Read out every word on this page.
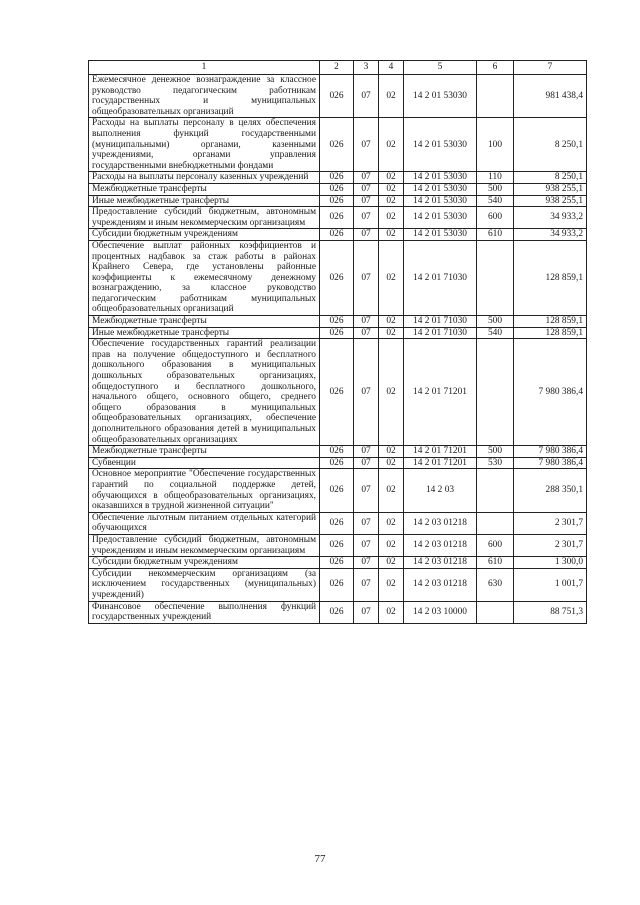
1	2	3	4	5	6	7
Ежемесячное денежное вознаграждение за классное руководство педагогическим работникам государственных и муниципальных общеобразовательных организаций	026	07	02	14 2 01 53030		981 438,4
Расходы на выплаты персоналу в целях обеспечения выполнения функций государственными (муниципальными) органами, казенными учреждениями, органами управления государственными внебюджетными фондами	026	07	02	14 2 01 53030	100	8 250,1
Расходы на выплаты персоналу казенных учреждений	026	07	02	14 2 01 53030	110	8 250,1
Межбюджетные трансферты	026	07	02	14 2 01 53030	500	938 255,1
Иные межбюджетные трансферты	026	07	02	14 2 01 53030	540	938 255,1
Предоставление субсидий бюджетным, автономным учреждениям и иным некоммерческим организациям	026	07	02	14 2 01 53030	600	34 933,2
Субсидии бюджетным учреждениям	026	07	02	14 2 01 53030	610	34 933,2
Обеспечение выплат районных коэффициентов и процентных надбавок за стаж работы в районах Крайнего Севера, где установлены районные коэффициенты к ежемесячному денежному вознаграждению, за классное руководство педагогическим работникам муниципальных общеобразовательных организаций	026	07	02	14 2 01 71030		128 859,1
Межбюджетные трансферты	026	07	02	14 2 01 71030	500	128 859,1
Иные межбюджетные трансферты	026	07	02	14 2 01 71030	540	128 859,1
Обеспечение государственных гарантий реализации прав на получение общедоступного и бесплатного дошкольного образования в муниципальных дошкольных образовательных организациях, общедоступного и бесплатного дошкольного, начального общего, основного общего, среднего общего образования в муниципальных общеобразовательных организациях, обеспечение дополнительного образования детей в муниципальных общеобразовательных организациях	026	07	02	14 2 01 71201		7 980 386,4
Межбюджетные трансферты	026	07	02	14 2 01 71201	500	7 980 386,4
Субвенции	026	07	02	14 2 01 71201	530	7 980 386,4
Основное мероприятие "Обеспечение государственных гарантий по социальной поддержке детей, обучающихся в общеобразовательных организациях, оказавшихся в трудной жизненной ситуации"	026	07	02	14 2 03		288 350,1
Обеспечение льготным питанием отдельных категорий обучающихся	026	07	02	14 2 03 01218		2 301,7
Предоставление субсидий бюджетным, автономным учреждениям и иным некоммерческим организациям	026	07	02	14 2 03 01218	600	2 301,7
Субсидии бюджетным учреждениям	026	07	02	14 2 03 01218	610	1 300,0
Субсидии некоммерческим организациям (за исключением государственных (муниципальных) учреждений)	026	07	02	14 2 03 01218	630	1 001,7
Финансовое обеспечение выполнения функций государственных учреждений	026	07	02	14 2 03 10000		88 751,3
77
